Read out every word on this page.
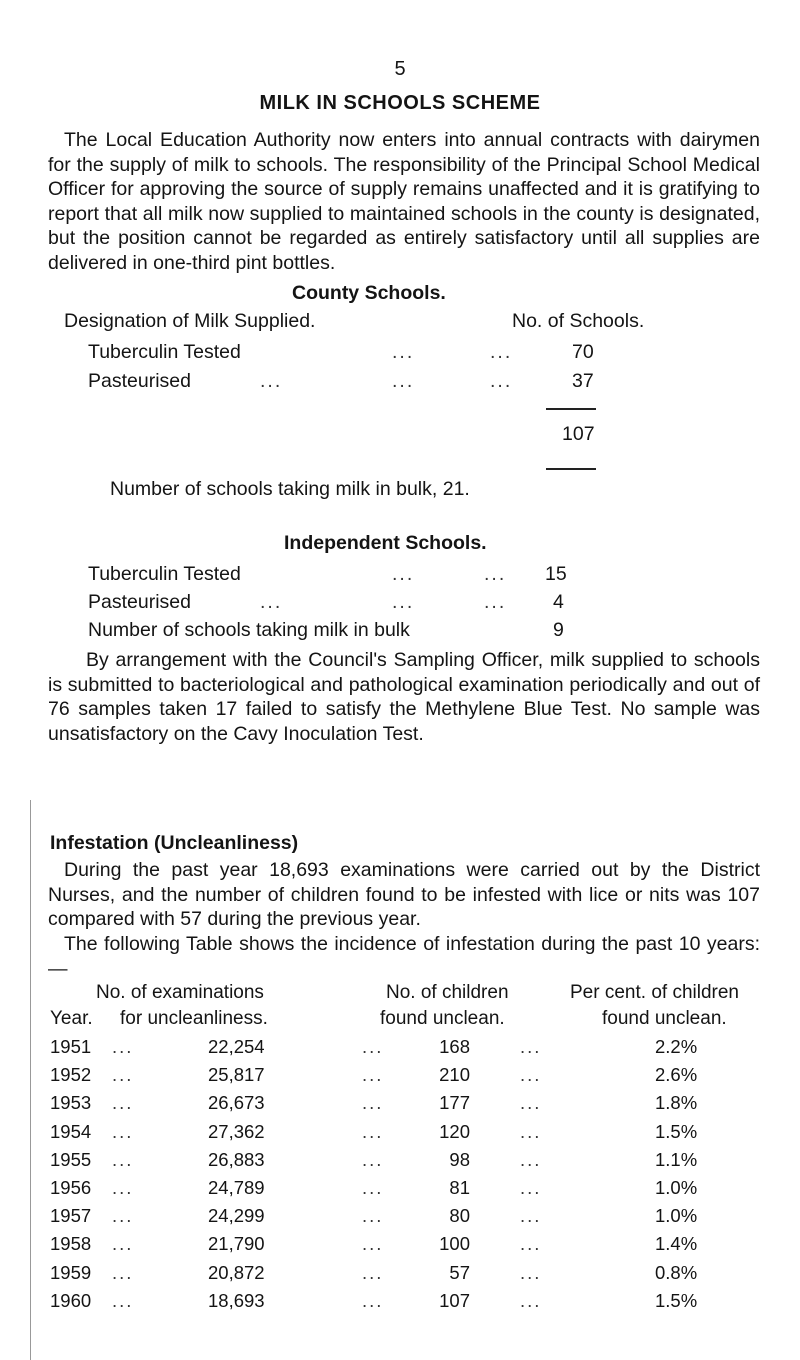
5
MILK IN SCHOOLS SCHEME

The Local Education Authority now enters into annual contracts with dairymen for the supply of milk to schools. The responsibility of the Principal School Medical Officer for approving the source of supply remains unaffected and it is gratifying to report that all milk now supplied to maintained schools in the county is designated, but the position cannot be regarded as entirely satisfactory until all supplies are delivered in one-third pint bottles.

County Schools.
Designation of Milk Supplied.	No. of Schools.
Tuberculin Tested	...	...	70
Pasteurised	...	...	...	37
107
Number of schools taking milk in bulk, 21.
Independent Schools.
Tuberculin Tested	...	... 15
Pasteurised	...	...	... 4
Number of schools taking milk in bulk	9

By arrangement with the Council's Sampling Officer, milk supplied to schools is submitted to bacteriological and pathological examination periodically and out of 76 samples taken 17 failed to satisfy the Methylene Blue Test. No sample was unsatisfactory on the Cavy Inoculation Test.

Infestation (Uncleanliness)

During the past year 18,693 examinations were carried out by the District Nurses, and the number of children found to be infested with lice or nits was 107 compared with 57 during the previous year.

The following Table shows the incidence of infestation during the past 10 years:—

No. of examinations	No. of children	Per cent. of children
Year. for uncleanliness.	found unclean.	found unclean.
1951 ...	22,254	...	168	...	2.2%
1952 ...	25,817	...	210	...	2.6%
1953 ...	26,673	...	177	...	1.8%
1954 ...	27,362	...	120	...	1.5%
1955 ...	26,883	...	98	...	1.1%
1956 ...	24,789	...	81	...	1.0%
1957 ...	24,299	...	80	...	1.0%
1958 ...	21,790	...	100	...	1.4%
1959 ...	20,872	...	57	...	0.8%
1960 ...	18,693	...	107	...	1.5%
